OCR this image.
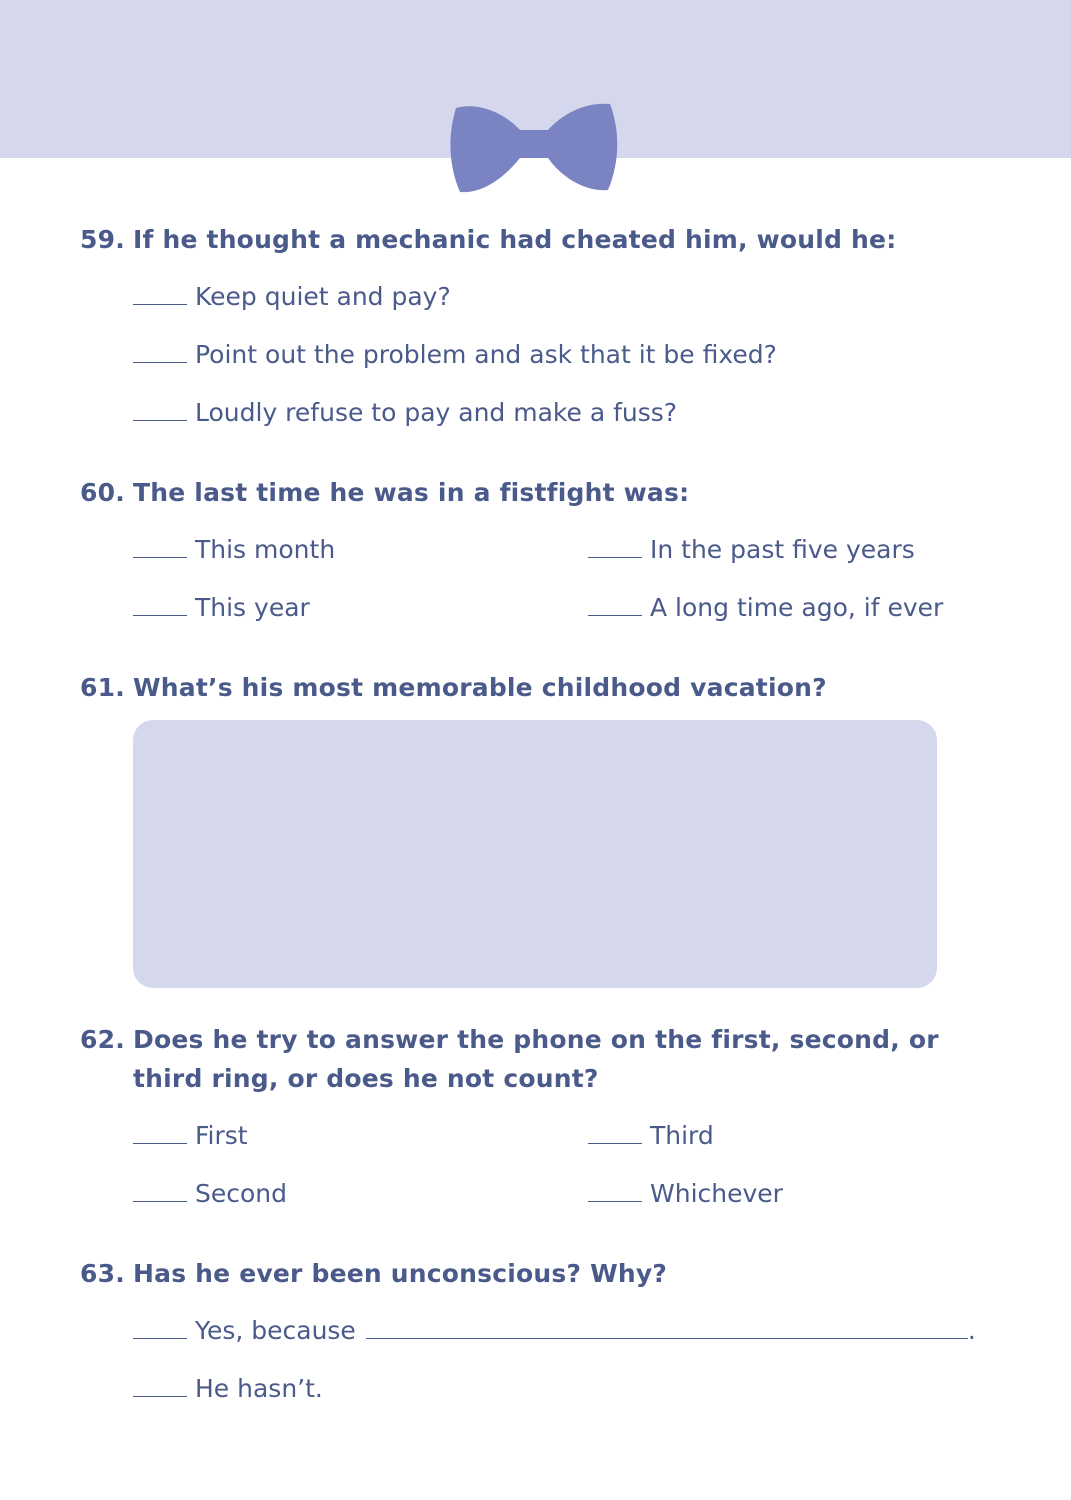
59. If he thought a mechanic had cheated him, would he:
Keep quiet and pay?
Point out the problem and ask that it be fixed?
Loudly refuse to pay and make a fuss?
60. The last time he was in a fistfight was:
This month	In the past five years
This year	A long time ago, if ever
61. What’s his most memorable childhood vacation?
62. Does he try to answer the phone on the first, second, or third ring, or does he not count?
First	Third
Second	Whichever
63. Has he ever been unconscious? Why?
Yes, because	.
He hasn’t.
